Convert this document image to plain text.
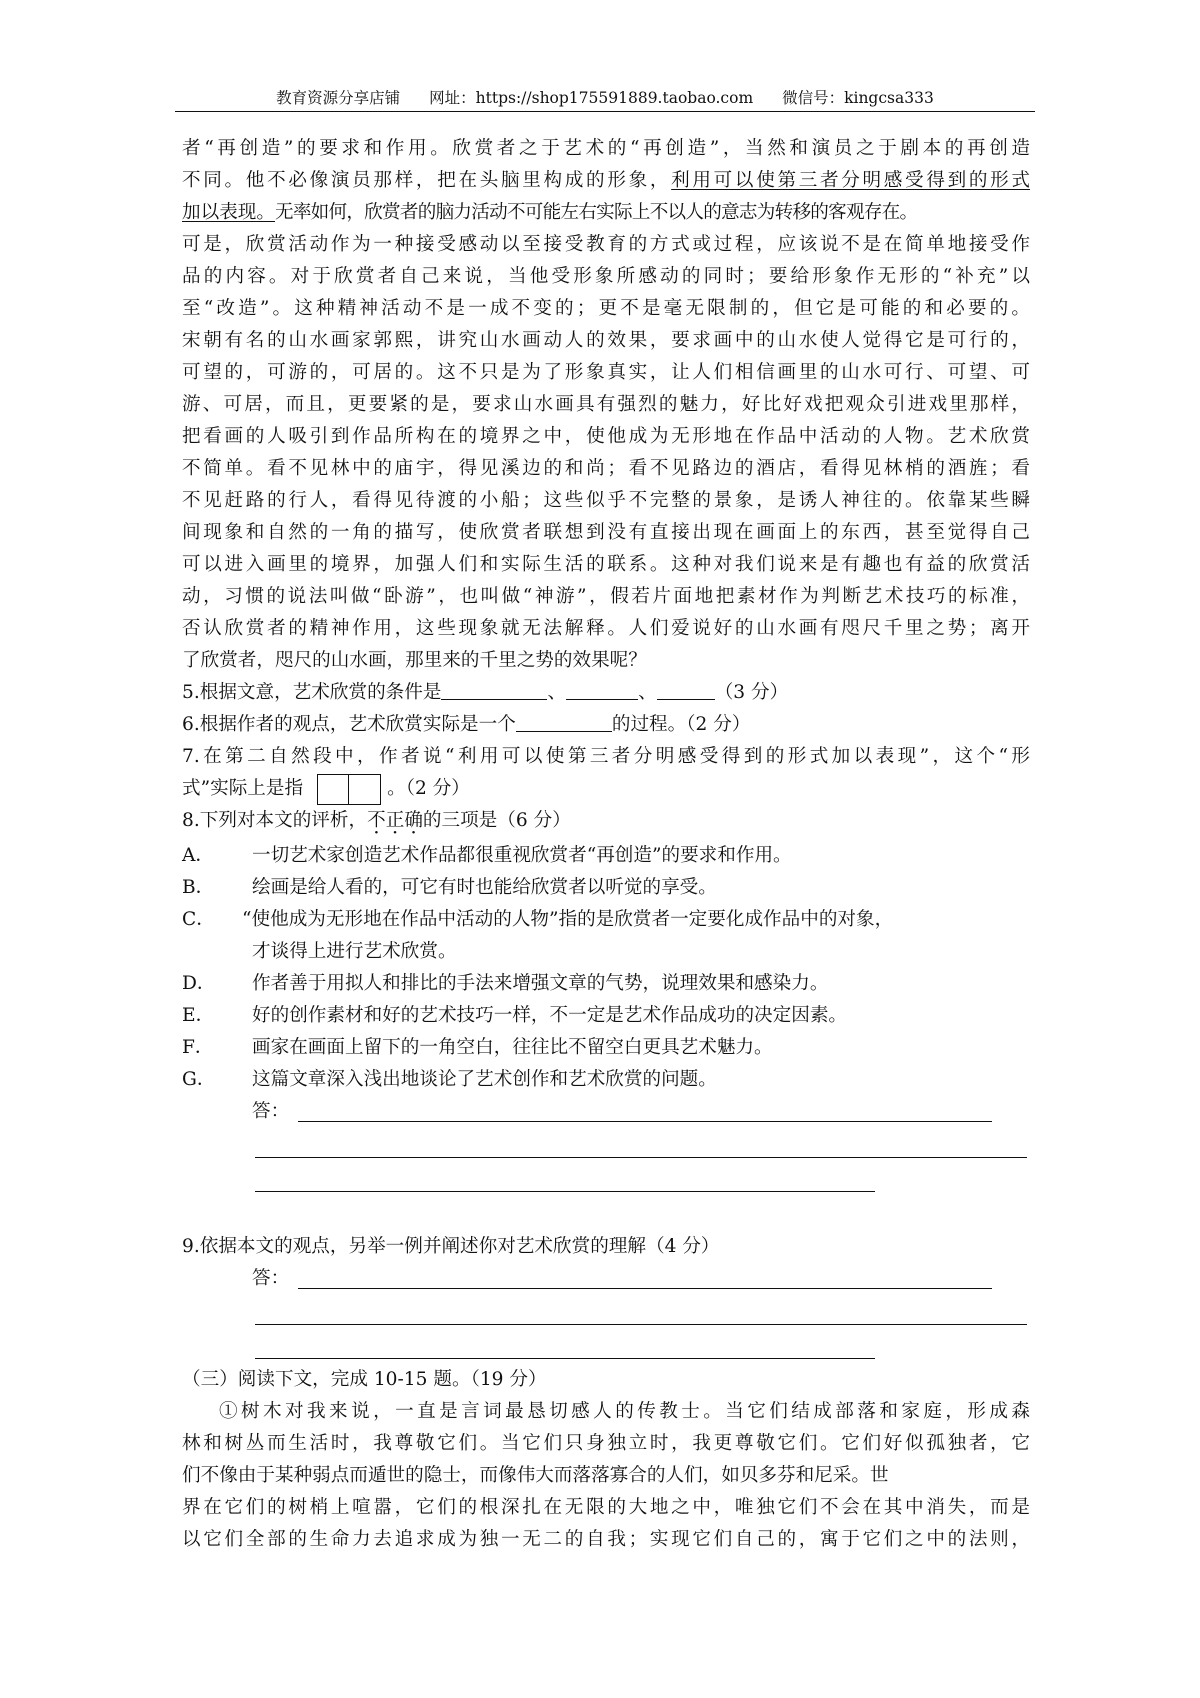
教育资源分享店铺 网址：https://shop175591889.taobao.com 微信号：kingcsa333
者“再创造”的要求和作用。欣赏者之于艺术的“再创造”，当然和演员之于剧本的再创造
不同。他不必像演员那样，把在头脑里构成的形象，利用可以使第三者分明感受得到的形式
加以表现。无率如何，欣赏者的脑力活动不可能左右实际上不以人的意志为转移的客观存在。
可是，欣赏活动作为一种接受感动以至接受教育的方式或过程，应该说不是在简单地接受作
品的内容。对于欣赏者自己来说，当他受形象所感动的同时；要给形象作无形的“补充”以
至“改造”。这种精神活动不是一成不变的；更不是毫无限制的，但它是可能的和必要的。
宋朝有名的山水画家郭熙，讲究山水画动人的效果，要求画中的山水使人觉得它是可行的，
可望的，可游的，可居的。这不只是为了形象真实，让人们相信画里的山水可行、可望、可
游、可居，而且，更要紧的是，要求山水画具有强烈的魅力，好比好戏把观众引进戏里那样，
把看画的人吸引到作品所构在的境界之中，使他成为无形地在作品中活动的人物。艺术欣赏
不简单。看不见林中的庙宇，得见溪边的和尚；看不见路边的酒店，看得见林梢的酒旌；看
不见赶路的行人，看得见待渡的小船；这些似乎不完整的景象，是诱人神往的。依靠某些瞬
间现象和自然的一角的描写，使欣赏者联想到没有直接出现在画面上的东西，甚至觉得自己
可以进入画里的境界，加强人们和实际生活的联系。这种对我们说来是有趣也有益的欣赏活
动，习惯的说法叫做“卧游”，也叫做“神游”，假若片面地把素材作为判断艺术技巧的标准，
否认欣赏者的精神作用，这些现象就无法解释。人们爱说好的山水画有咫尺千里之势；离开
了欣赏者，咫尺的山水画，那里来的千里之势的效果呢？
5.根据文意，艺术欣赏的条件是	、	、	（3 分）
6.根据作者的观点，艺术欣赏实际是一个	的过程。（2 分）
7.在第二自然段中，作者说“利用可以使第三者分明感受得到的形式加以表现”，这个“形
式”实际上是指	。（2 分）
8.下列对本文的评析，不正确的三项是（6 分）
A． 一切艺术家创造艺术作品都很重视欣赏者“再创造”的要求和作用。
B． 绘画是给人看的，可它有时也能给欣赏者以听觉的享受。
C． “使他成为无形地在作品中活动的人物”指的是欣赏者一定要化成作品中的对象，
才谈得上进行艺术欣赏。
D． 作者善于用拟人和排比的手法来增强文章的气势，说理效果和感染力。
E． 好的创作素材和好的艺术技巧一样，不一定是艺术作品成功的决定因素。
F． 画家在画面上留下的一角空白，往往比不留空白更具艺术魅力。
G． 这篇文章深入浅出地谈论了艺术创作和艺术欣赏的问题。
答：
9.依据本文的观点，另举一例并阐述你对艺术欣赏的理解（4 分）
答：
（三）阅读下文，完成 10-15 题。（19 分）
①树木对我来说，一直是言词最恳切感人的传教士。当它们结成部落和家庭，形成森
林和树丛而生活时，我尊敬它们。当它们只身独立时，我更尊敬它们。它们好似孤独者，它
们不像由于某种弱点而遁世的隐士，而像伟大而落落寡合的人们，如贝多芬和尼采。世
界在它们的树梢上喧嚣，它们的根深扎在无限的大地之中，唯独它们不会在其中消失，而是
以它们全部的生命力去追求成为独一无二的自我；实现它们自己的，寓于它们之中的法则，
